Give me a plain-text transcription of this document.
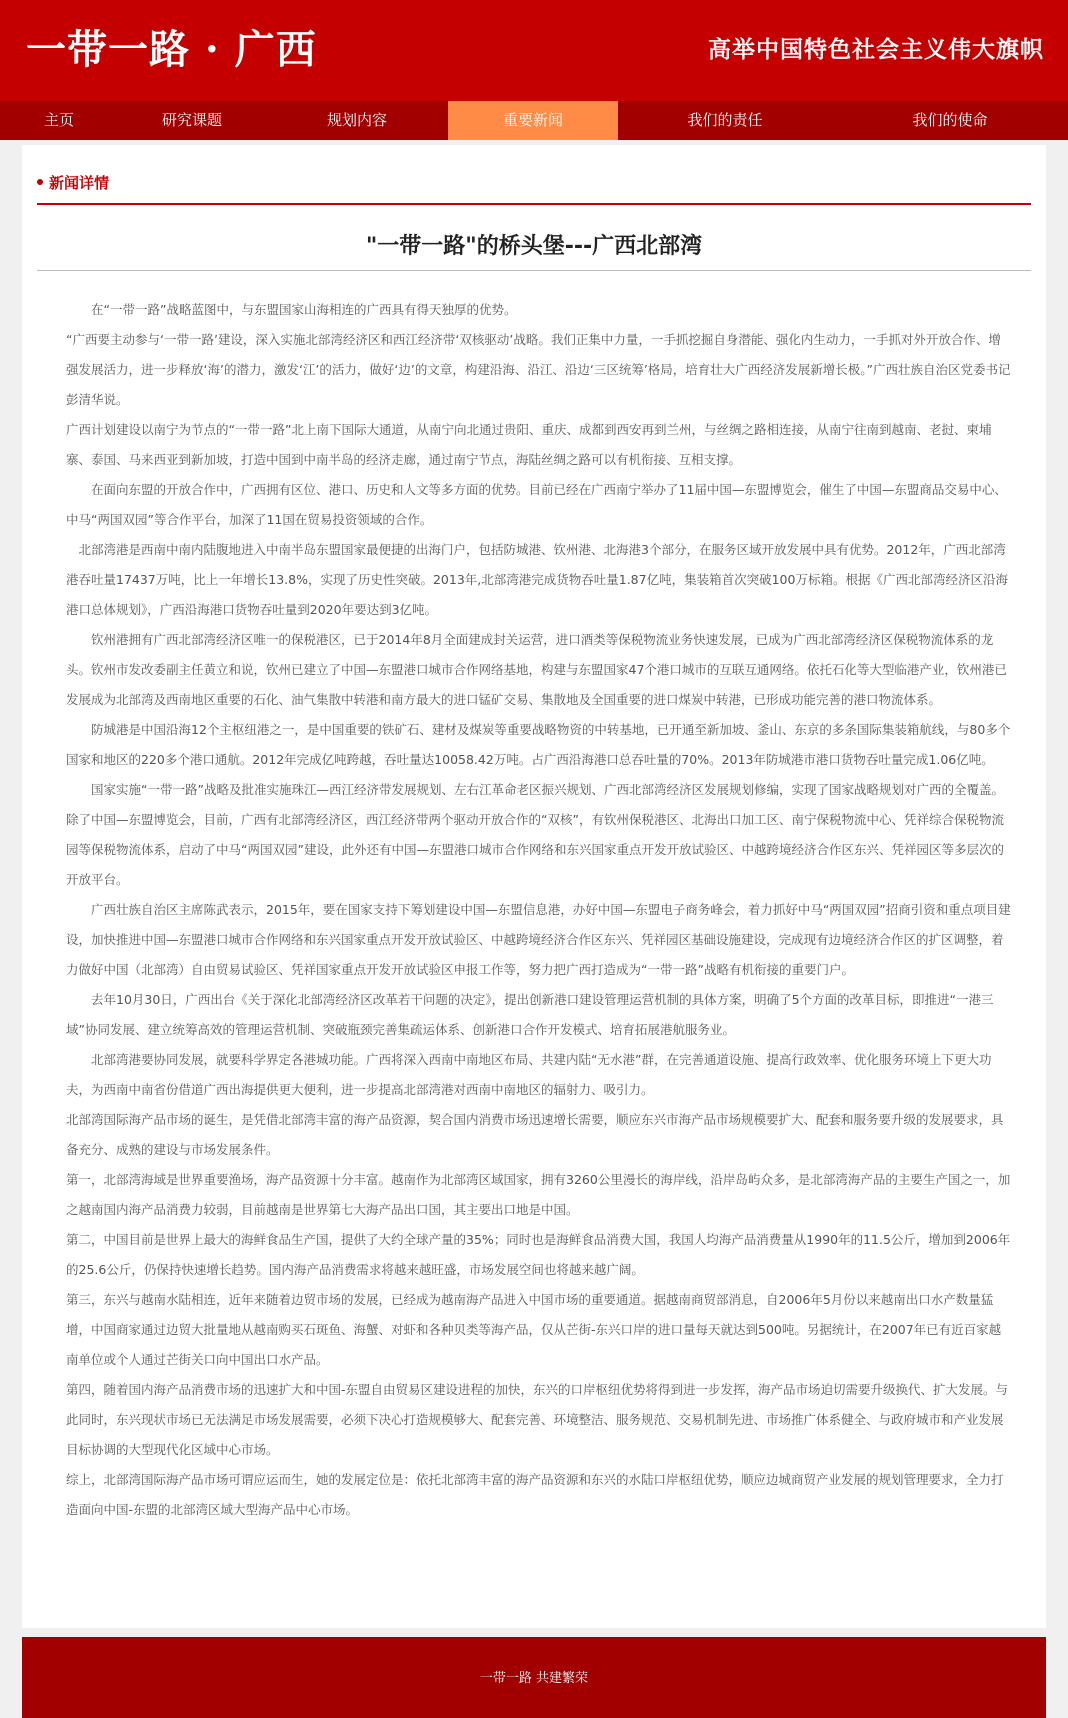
一带一路 · 广西	高举中国特色社会主义伟大旗帜
主页	研究课题	规划内容	重要新闻	我们的责任	我们的使命
新闻详情
"一带一路"的桥头堡---广西北部湾

在“一带一路”战略蓝图中，与东盟国家山海相连的广西具有得天独厚的优势。

“广西要主动参与‘一带一路’建设，深入实施北部湾经济区和西江经济带‘双核驱动’战略。我们正集中力量，一手抓挖掘自身潜能、强化内生动力，一手抓对外开放合作、增强发展活力，进一步释放‘海’的潜力，激发‘江’的活力，做好‘边’的文章，构建沿海、沿江、沿边‘三区统筹’格局，培育壮大广西经济发展新增长极。”广西壮族自治区党委书记彭清华说。

广西计划建设以南宁为节点的“一带一路”北上南下国际大通道，从南宁向北通过贵阳、重庆、成都到西安再到兰州，与丝绸之路相连接，从南宁往南到越南、老挝、柬埔寨、泰国、马来西亚到新加坡，打造中国到中南半岛的经济走廊，通过南宁节点，海陆丝绸之路可以有机衔接、互相支撑。

在面向东盟的开放合作中，广西拥有区位、港口、历史和人文等多方面的优势。目前已经在广西南宁举办了11届中国—东盟博览会，催生了中国—东盟商品交易中心、中马“两国双园”等合作平台，加深了11国在贸易投资领域的合作。

北部湾港是西南中南内陆腹地进入中南半岛东盟国家最便捷的出海门户，包括防城港、钦州港、北海港3个部分，在服务区域开放发展中具有优势。2012年，广西北部湾港吞吐量17437万吨，比上一年增长13.8%，实现了历史性突破。2013年,北部湾港完成货物吞吐量1.87亿吨，集装箱首次突破100万标箱。根据《广西北部湾经济区沿海港口总体规划》，广西沿海港口货物吞吐量到2020年要达到3亿吨。

钦州港拥有广西北部湾经济区唯一的保税港区，已于2014年8月全面建成封关运营，进口酒类等保税物流业务快速发展，已成为广西北部湾经济区保税物流体系的龙头。钦州市发改委副主任黄立和说，钦州已建立了中国—东盟港口城市合作网络基地，构建与东盟国家47个港口城市的互联互通网络。依托石化等大型临港产业，钦州港已发展成为北部湾及西南地区重要的石化、油气集散中转港和南方最大的进口锰矿交易、集散地及全国重要的进口煤炭中转港，已形成功能完善的港口物流体系。

防城港是中国沿海12个主枢纽港之一，是中国重要的铁矿石、建材及煤炭等重要战略物资的中转基地，已开通至新加坡、釜山、东京的多条国际集装箱航线，与80多个国家和地区的220多个港口通航。2012年完成亿吨跨越，吞吐量达10058.42万吨。占广西沿海港口总吞吐量的70%。2013年防城港市港口货物吞吐量完成1.06亿吨。

国家实施“一带一路”战略及批准实施珠江—西江经济带发展规划、左右江革命老区振兴规划、广西北部湾经济区发展规划修编，实现了国家战略规划对广西的全覆盖。除了中国—东盟博览会，目前，广西有北部湾经济区，西江经济带两个驱动开放合作的“双核”，有钦州保税港区、北海出口加工区、南宁保税物流中心、凭祥综合保税物流园等保税物流体系，启动了中马“两国双园”建设，此外还有中国—东盟港口城市合作网络和东兴国家重点开发开放试验区、中越跨境经济合作区东兴、凭祥园区等多层次的开放平台。

广西壮族自治区主席陈武表示，2015年，要在国家支持下筹划建设中国—东盟信息港，办好中国—东盟电子商务峰会，着力抓好中马“两国双园”招商引资和重点项目建设，加快推进中国—东盟港口城市合作网络和东兴国家重点开发开放试验区、中越跨境经济合作区东兴、凭祥园区基础设施建设，完成现有边境经济合作区的扩区调整，着力做好中国（北部湾）自由贸易试验区、凭祥国家重点开发开放试验区申报工作等，努力把广西打造成为“一带一路”战略有机衔接的重要门户。

去年10月30日，广西出台《关于深化北部湾经济区改革若干问题的决定》，提出创新港口建设管理运营机制的具体方案，明确了5个方面的改革目标，即推进“一港三域”协同发展、建立统筹高效的管理运营机制、突破瓶颈完善集疏运体系、创新港口合作开发模式、培育拓展港航服务业。

北部湾港要协同发展，就要科学界定各港城功能。广西将深入西南中南地区布局、共建内陆“无水港”群，在完善通道设施、提高行政效率、优化服务环境上下更大功夫，为西南中南省份借道广西出海提供更大便利，进一步提高北部湾港对西南中南地区的辐射力、吸引力。

北部湾国际海产品市场的诞生，是凭借北部湾丰富的海产品资源，契合国内消费市场迅速增长需要，顺应东兴市海产品市场规模要扩大、配套和服务要升级的发展要求，具备充分、成熟的建设与市场发展条件。

第一，北部湾海域是世界重要渔场，海产品资源十分丰富。越南作为北部湾区域国家，拥有3260公里漫长的海岸线，沿岸岛屿众多，是北部湾海产品的主要生产国之一，加之越南国内海产品消费力较弱，目前越南是世界第七大海产品出口国，其主要出口地是中国。

第二，中国目前是世界上最大的海鲜食品生产国，提供了大约全球产量的35%；同时也是海鲜食品消费大国，我国人均海产品消费量从1990年的11.5公斤，增加到2006年的25.6公斤，仍保持快速增长趋势。国内海产品消费需求将越来越旺盛，市场发展空间也将越来越广阔。

第三，东兴与越南水陆相连，近年来随着边贸市场的发展，已经成为越南海产品进入中国市场的重要通道。据越南商贸部消息，自2006年5月份以来越南出口水产数量猛增，中国商家通过边贸大批量地从越南购买石斑鱼、海蟹、对虾和各种贝类等海产品，仅从芒街-东兴口岸的进口量每天就达到500吨。另据统计，在2007年已有近百家越南单位或个人通过芒街关口向中国出口水产品。

第四，随着国内海产品消费市场的迅速扩大和中国-东盟自由贸易区建设进程的加快，东兴的口岸枢纽优势将得到进一步发挥，海产品市场迫切需要升级换代、扩大发展。与此同时，东兴现状市场已无法满足市场发展需要，必须下决心打造规模够大、配套完善、环境整洁、服务规范、交易机制先进、市场推广体系健全、与政府城市和产业发展目标协调的大型现代化区域中心市场。

综上，北部湾国际海产品市场可谓应运而生，她的发展定位是：依托北部湾丰富的海产品资源和东兴的水陆口岸枢纽优势，顺应边城商贸产业发展的规划管理要求，全力打造面向中国-东盟的北部湾区域大型海产品中心市场。

一带一路 共建繁荣
